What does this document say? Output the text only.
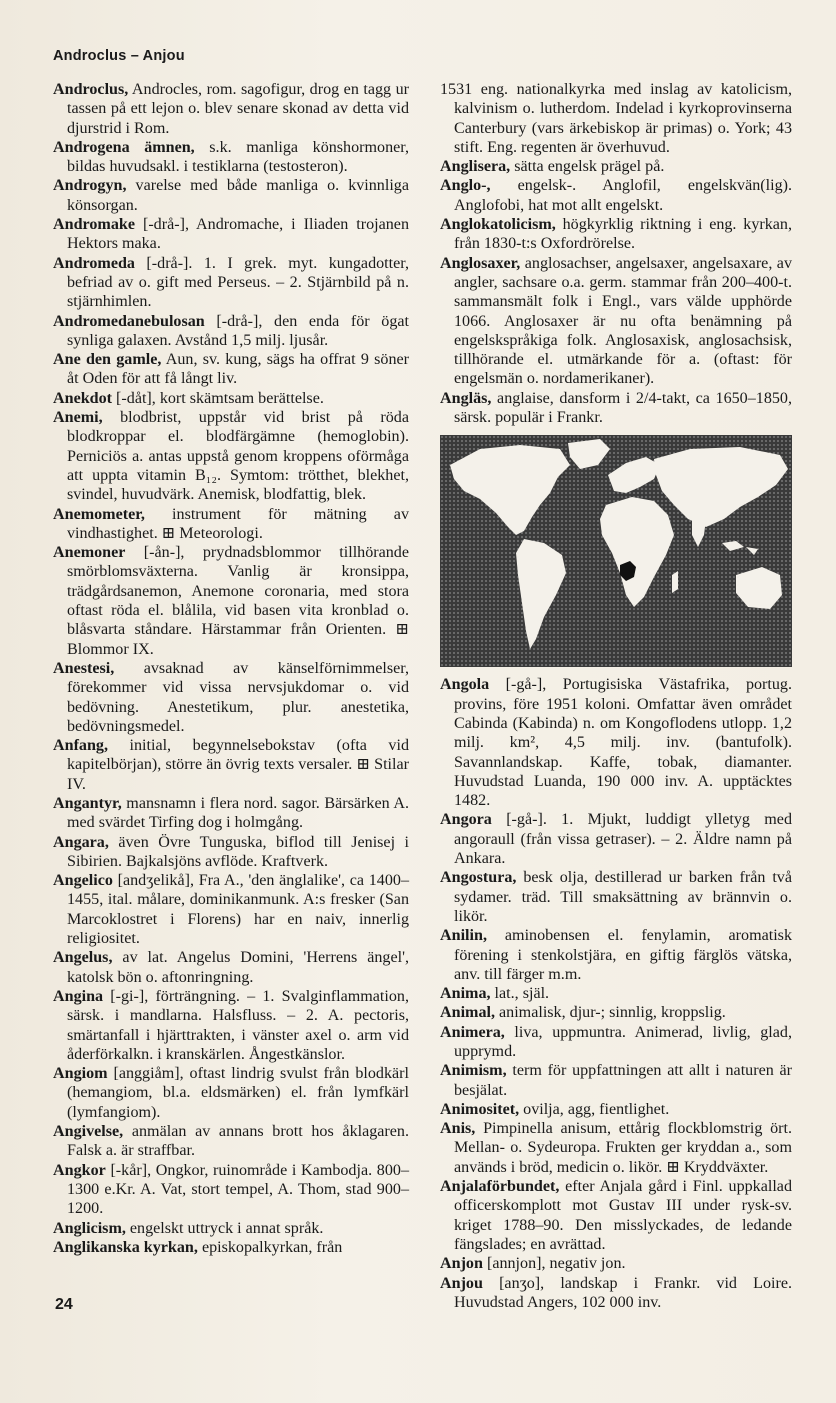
Androclus – Anjou

Androclus, Androcles, rom. sagofigur, drog en tagg ur tassen på ett lejon o. blev senare skonad av detta vid djurstrid i Rom.

Androgena ämnen, s.k. manliga könshormoner, bildas huvudsakl. i testiklarna (testosteron).

Androgyn, varelse med både manliga o. kvinnliga könsorgan.

Andromake [-drå-], Andromache, i Iliaden trojanen Hektors maka.

Andromeda [-drå-]. 1. I grek. myt. kungadotter, befriad av o. gift med Perseus. – 2. Stjärnbild på n. stjärnhimlen.

Andromedanebulosan [-drå-], den enda för ögat synliga galaxen. Avstånd 1,5 milj. ljusår.

Ane den gamle, Aun, sv. kung, sägs ha offrat 9 söner åt Oden för att få långt liv.

Anekdot [-dåt], kort skämtsam berättelse.

Anemi, blodbrist, uppstår vid brist på röda blodkroppar el. blodfärgämne (hemoglobin). Perniciös a. antas uppstå genom kroppens oförmåga att uppta vitamin B₁₂. Symtom: trötthet, blekhet, svindel, huvudvärk. Anemisk, blodfattig, blek.

Anemometer, instrument för mätning av vindhastighet. ⊞ Meteorologi.

Anemoner [-ån-], prydnadsblommor tillhörande smörblomsväxterna. Vanlig är kronsippa, trädgårdsanemon, Anemone coronaria, med stora oftast röda el. blålila, vid basen vita kronblad o. blåsvarta ståndare. Härstammar från Orienten. ⊞ Blommor IX.

Anestesi, avsaknad av känselförnimmelser, förekommer vid vissa nervsjukdomar o. vid bedövning. Anestetikum, plur. anestetika, bedövningsmedel.

Anfang, initial, begynnelsebokstav (ofta vid kapitelbörjan), större än övrig texts versaler. ⊞ Stilar IV.

Angantyr, mansnamn i flera nord. sagor. Bärsärken A. med svärdet Tirfing dog i holmgång.

Angara, även Övre Tunguska, biflod till Jenisej i Sibirien. Bajkalsjöns avflöde. Kraftverk.

Angelico [andʒelikå], Fra A., 'den änglalike', ca 1400–1455, ital. målare, dominikanmunk. A:s fresker (San Marcoklostret i Florens) har en naiv, innerlig religiositet.

Angelus, av lat. Angelus Domini, 'Herrens ängel', katolsk bön o. aftonringning.

Angina [-gi-], förträngning. – 1. Svalginflammation, särsk. i mandlarna. Halsfluss. – 2. A. pectoris, smärtanfall i hjärttrakten, i vänster axel o. arm vid åderförkalkn. i kranskärlen. Ångestkänslor.

Angiom [anggiåm], oftast lindrig svulst från blodkärl (hemangiom, bl.a. eldsmärken) el. från lymfkärl (lymfangiom).

Angivelse, anmälan av annans brott hos åklagaren. Falsk a. är straffbar.

Angkor [-kår], Ongkor, ruinområde i Kambodja. 800–1300 e.Kr. A. Vat, stort tempel, A. Thom, stad 900–1200.

Anglicism, engelskt uttryck i annat språk.

Anglikanska kyrkan, episkopalkyrkan, från

1531 eng. nationalkyrka med inslag av katolicism, kalvinism o. lutherdom. Indelad i kyrkoprovinserna Canterbury (vars ärkebiskop är primas) o. York; 43 stift. Eng. regenten är överhuvud.

Anglisera, sätta engelsk prägel på.

Anglo-, engelsk-. Anglofil, engelskvän(lig). Anglofobi, hat mot allt engelskt.

Anglokatolicism, högkyrklig riktning i eng. kyrkan, från 1830-t:s Oxfordrörelse.

Anglosaxer, anglosachser, angelsaxer, angelsaxare, av angler, sachsare o.a. germ. stammar från 200–400-t. sammansmält folk i Engl., vars välde upphörde 1066. Anglosaxer är nu ofta benämning på engelskspråkiga folk. Anglosaxisk, anglosachsisk, tillhörande el. utmärkande för a. (oftast: för engelsmän o. nordamerikaner).

Angläs, anglaise, dansform i 2/4-takt, ca 1650–1850, särsk. populär i Frankr.

Angola [-gå-], Portugisiska Västafrika, portug. provins, före 1951 koloni. Omfattar även området Cabinda (Kabinda) n. om Kongoflodens utlopp. 1,2 milj. km², 4,5 milj. inv. (bantufolk). Savannlandskap. Kaffe, tobak, diamanter. Huvudstad Luanda, 190 000 inv. A. upptäcktes 1482.

Angora [-gå-]. 1. Mjukt, luddigt ylletyg med angoraull (från vissa getraser). – 2. Äldre namn på Ankara.

Angostura, besk olja, destillerad ur barken från två sydamer. träd. Till smaksättning av brännvin o. likör.

Anilin, aminobensen el. fenylamin, aromatisk förening i stenkolstjära, en giftig färglös vätska, anv. till färger m.m.

Anima, lat., själ.

Animal, animalisk, djur-; sinnlig, kroppslig.

Animera, liva, uppmuntra. Animerad, livlig, glad, upprymd.

Animism, term för uppfattningen att allt i naturen är besjälat.

Animositet, ovilja, agg, fientlighet.

Anis, Pimpinella anisum, ettårig flockblomstrig ört. Mellan- o. Sydeuropa. Frukten ger kryddan a., som används i bröd, medicin o. likör. ⊞ Kryddväxter.

Anjalaförbundet, efter Anjala gård i Finl. uppkallad officerskomplott mot Gustav III under rysk-sv. kriget 1788–90. Den misslyckades, de ledande fängslades; en avrättad.

Anjon [annjon], negativ jon.

Anjou [anʒo], landskap i Frankr. vid Loire. Huvudstad Angers, 102 000 inv.

24
